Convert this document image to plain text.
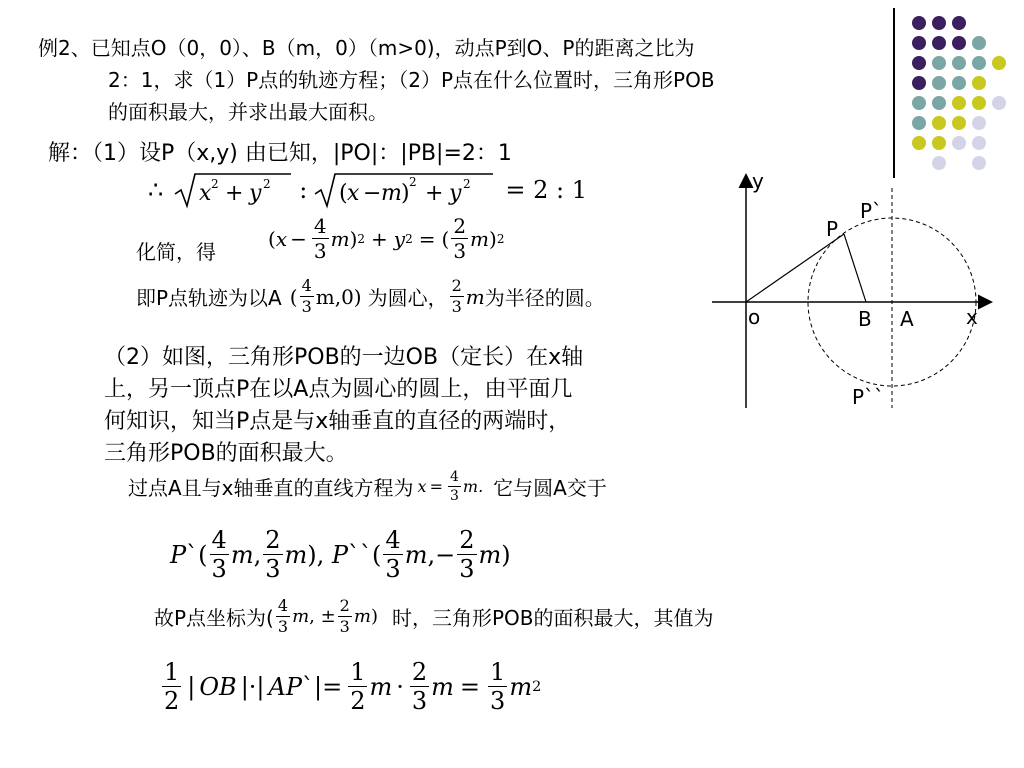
例2、已知点O（0，0）、B（m，0）（m>0)，动点P到O、P的距离之比为
2：1，求（1）P点的轨迹方程；（2）P点在什么位置时，三角形POB
的面积最大，并求出最大面积。
解：（1）设P（x,y) 由已知，|PO|：|PB|=2：1
∴ x 2 + y 2 : ( x − m ) 2 + y 2 = 2 : 1
化简，得
( $x - \frac{4}{3}$ m ) 2 + y 2 = ( $\frac{2}{3}$ m ) 2
即P点轨迹为以A ( $\frac{4}{3} m,0$) 为圆心， $\frac{2}{3}$ m 为半径的圆。
（2）如图，三角形POB的一边OB（定长）在x轴
上，另一顶点P在以A点为圆心的圆上，由平面几
何知识，知当P点是与x轴垂直的直径的两端时，
三角形POB的面积最大。
过点A且与x轴垂直的直线方程为 $x = \frac{4}{3} m$. 它与圆A交于
P `( $\frac{4}{3}$ m , $\frac{2}{3}$ m ), P ``( $\frac{4}{3}$ m ,− $\frac{2}{3}$ m )
故P点坐标为( $\frac{4}{3}$ m , ± $\frac{2}{3}$ m ) 时，三角形POB的面积最大，其值为
$\frac{1}{2}$ | OB |·| AP `|= $\frac{1}{2}$ $m \cdot \frac{2}{3}$ $m = \frac{1}{3}$ m 2
y
x
o	B A
P
P`
P``
